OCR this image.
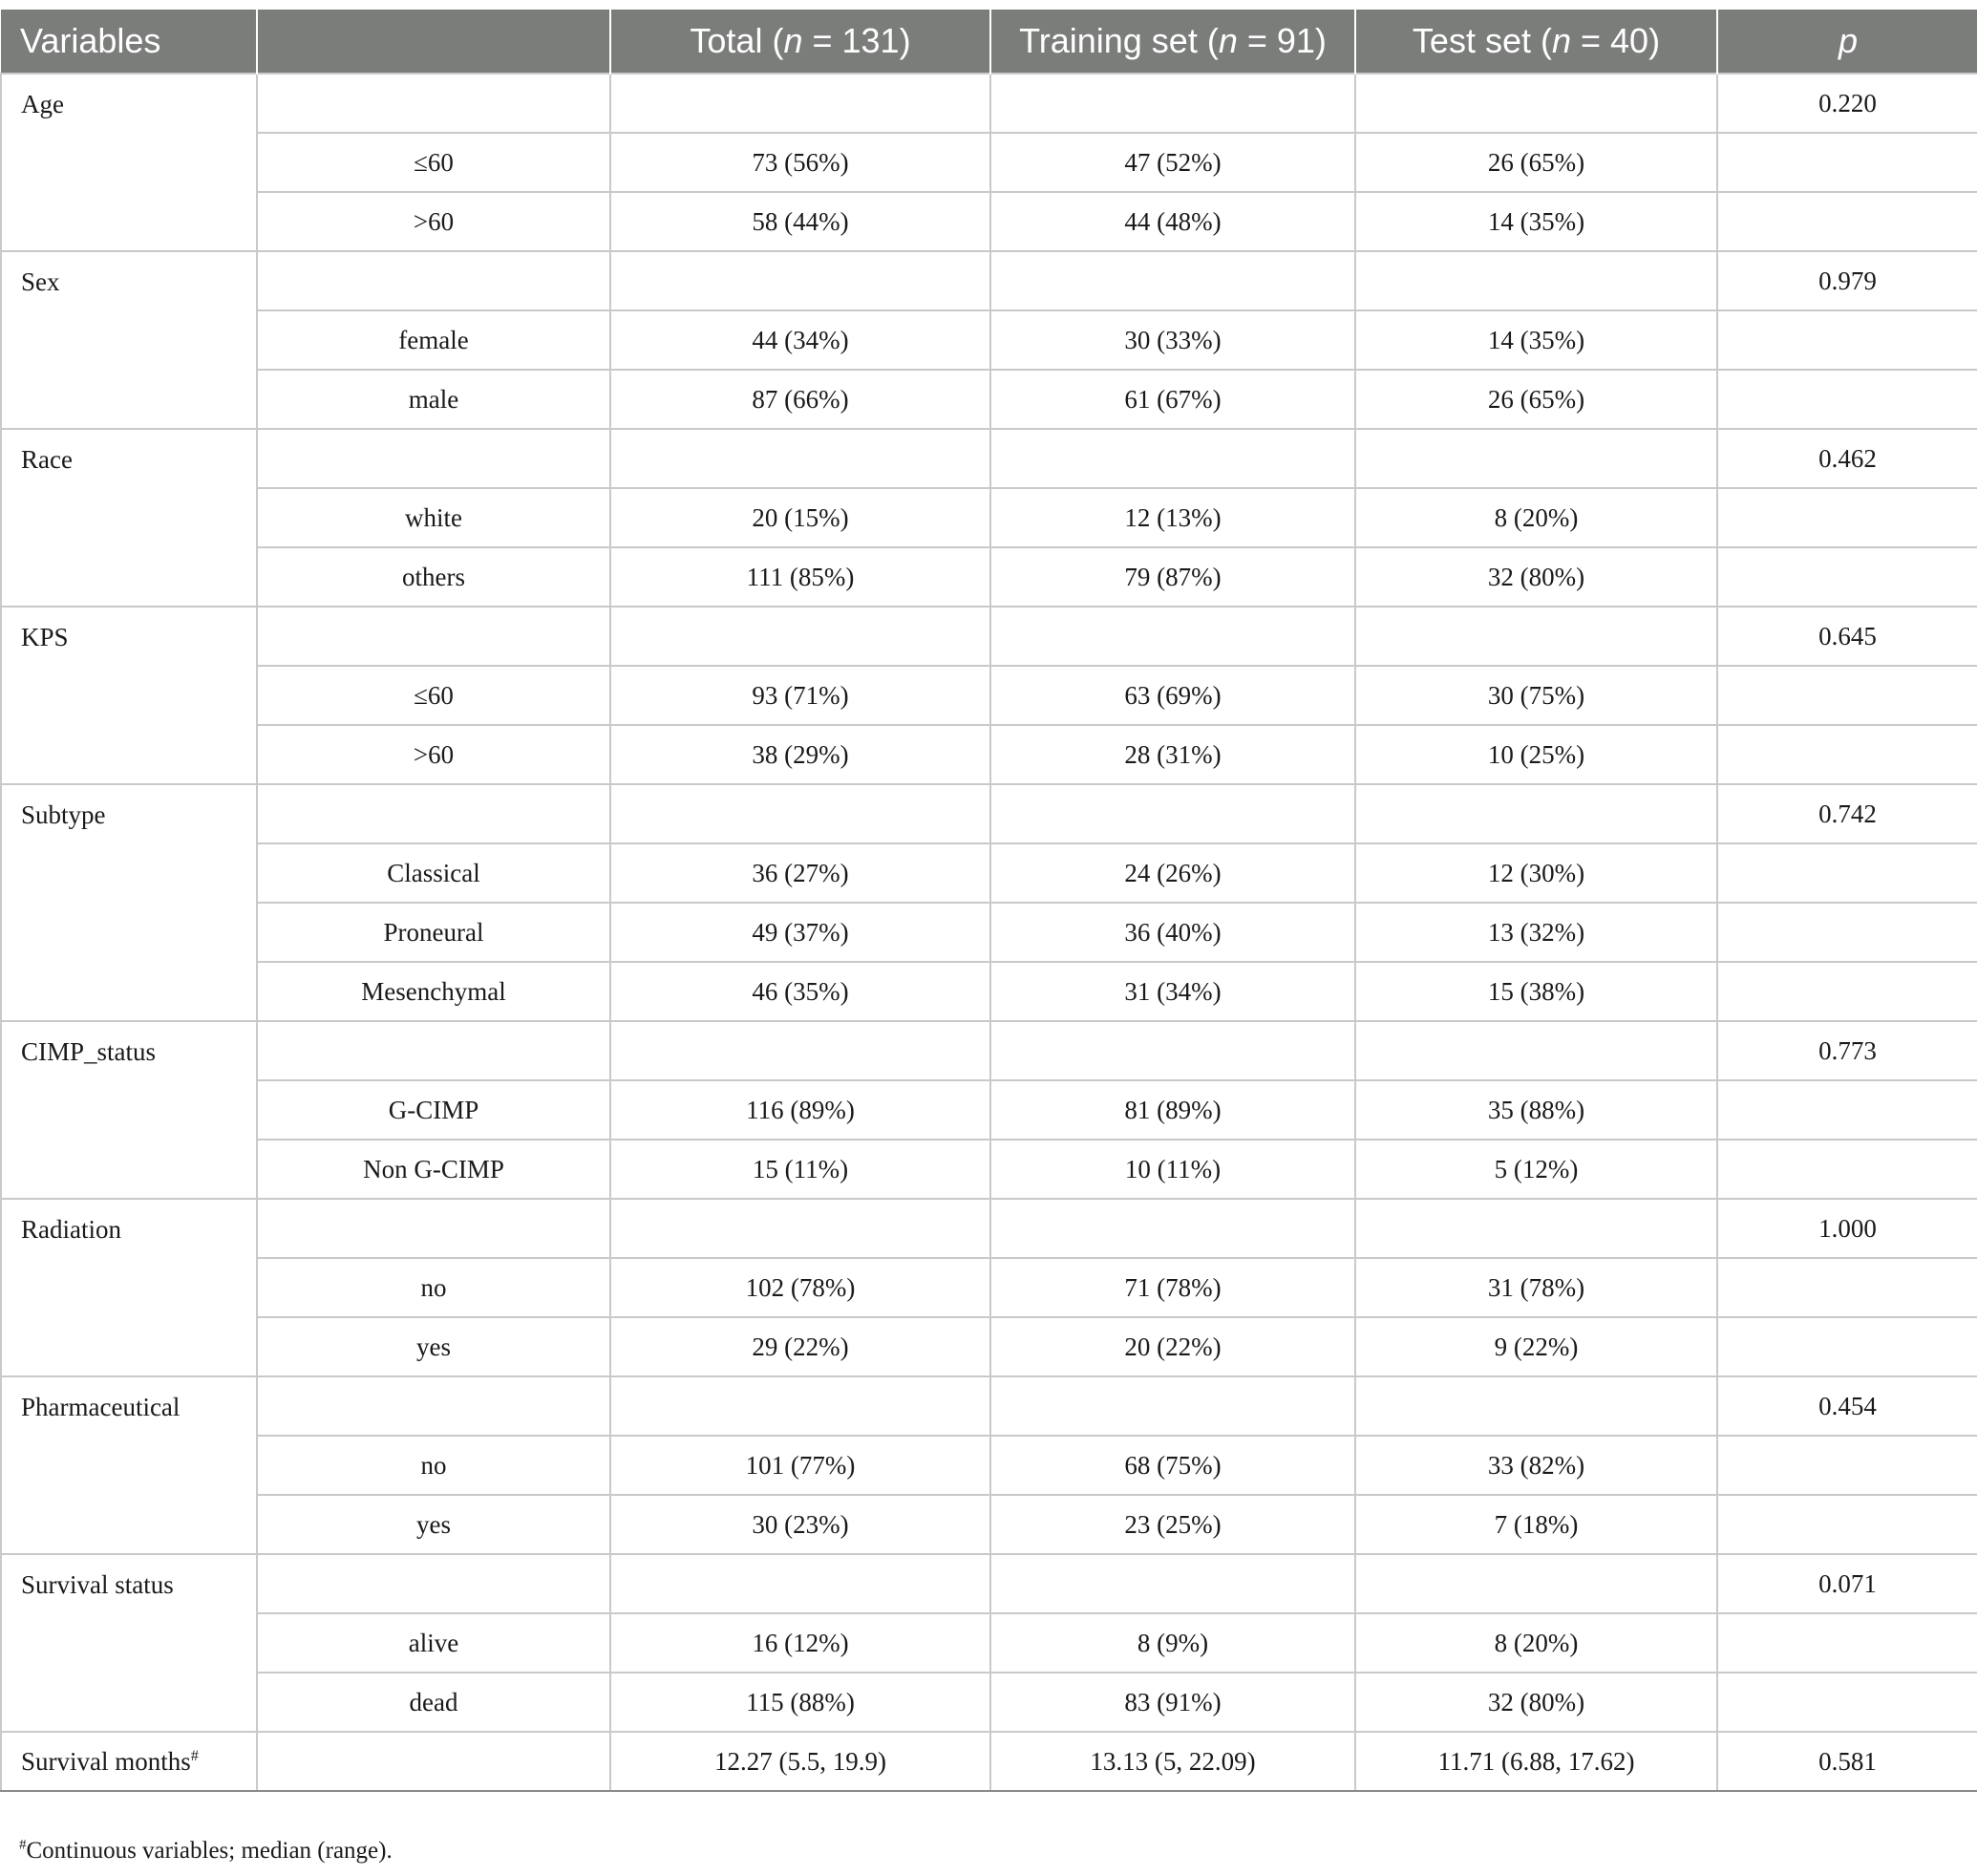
Variables		Total (n = 131)	Training set (n = 91)	Test set (n = 40)	p
Age					0.220
	≤60	73 (56%)	47 (52%)	26 (65%)	
	>60	58 (44%)	44 (48%)	14 (35%)	
Sex					0.979
	female	44 (34%)	30 (33%)	14 (35%)	
	male	87 (66%)	61 (67%)	26 (65%)	
Race					0.462
	white	20 (15%)	12 (13%)	8 (20%)	
	others	111 (85%)	79 (87%)	32 (80%)	
KPS					0.645
	≤60	93 (71%)	63 (69%)	30 (75%)	
	>60	38 (29%)	28 (31%)	10 (25%)	
Subtype					0.742
	Classical	36 (27%)	24 (26%)	12 (30%)	
	Proneural	49 (37%)	36 (40%)	13 (32%)	
	Mesenchymal	46 (35%)	31 (34%)	15 (38%)	
CIMP_status					0.773
	G-CIMP	116 (89%)	81 (89%)	35 (88%)	
	Non G-CIMP	15 (11%)	10 (11%)	5 (12%)	
Radiation					1.000
	no	102 (78%)	71 (78%)	31 (78%)	
	yes	29 (22%)	20 (22%)	9 (22%)	
Pharmaceutical					0.454
	no	101 (77%)	68 (75%)	33 (82%)	
	yes	30 (23%)	23 (25%)	7 (18%)	
Survival status					0.071
	alive	16 (12%)	8 (9%)	8 (20%)	
	dead	115 (88%)	83 (91%)	32 (80%)	
Survival months#		12.27 (5.5, 19.9)	13.13 (5, 22.09)	11.71 (6.88, 17.62)	0.581
#Continuous variables; median (range).
